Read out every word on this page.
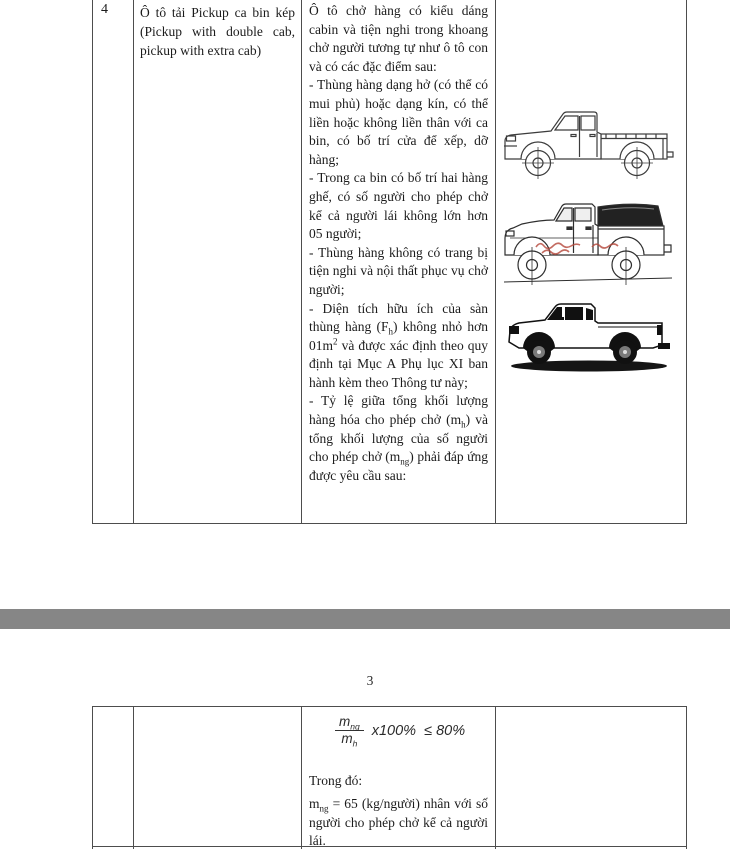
4	Ô tô tải Pickup ca bin kép (Pickup with double cab, pickup with extra cab)

Ô tô chở hàng có kiểu dáng cabin và tiện nghi trong khoang chở người tương tự như ô tô con và có các đặc điểm sau:

- Thùng hàng dạng hở (có thể có mui phủ) hoặc dạng kín, có thể liền hoặc không liền thân với ca bin, có bố trí cửa để xếp, dỡ hàng;

- Trong ca bin có bố trí hai hàng ghế, có số người cho phép chở kể cả người lái không lớn hơn 05 người;

- Thùng hàng không có trang bị tiện nghi và nội thất phục vụ chở người;

- Diện tích hữu ích của sàn thùng hàng $(F_h)$ không nhỏ hơn $01m^2$ và được xác định theo quy định tại Mục A Phụ lục XI ban hành kèm theo Thông tư này;

- Tỷ lệ giữa tổng khối lượng hàng hóa cho phép chở $(m_h)$ và tổng khối lượng của số người cho phép chở $(m_{ng})$ phải đáp ứng được yêu cầu sau:

3
$\frac{m_{ng}}{m_h} x100\% \le 80\%$
Trong đó:
$m_{ng} = 65$ (kg/người) nhân với số người cho phép chở kể cả người lái.
